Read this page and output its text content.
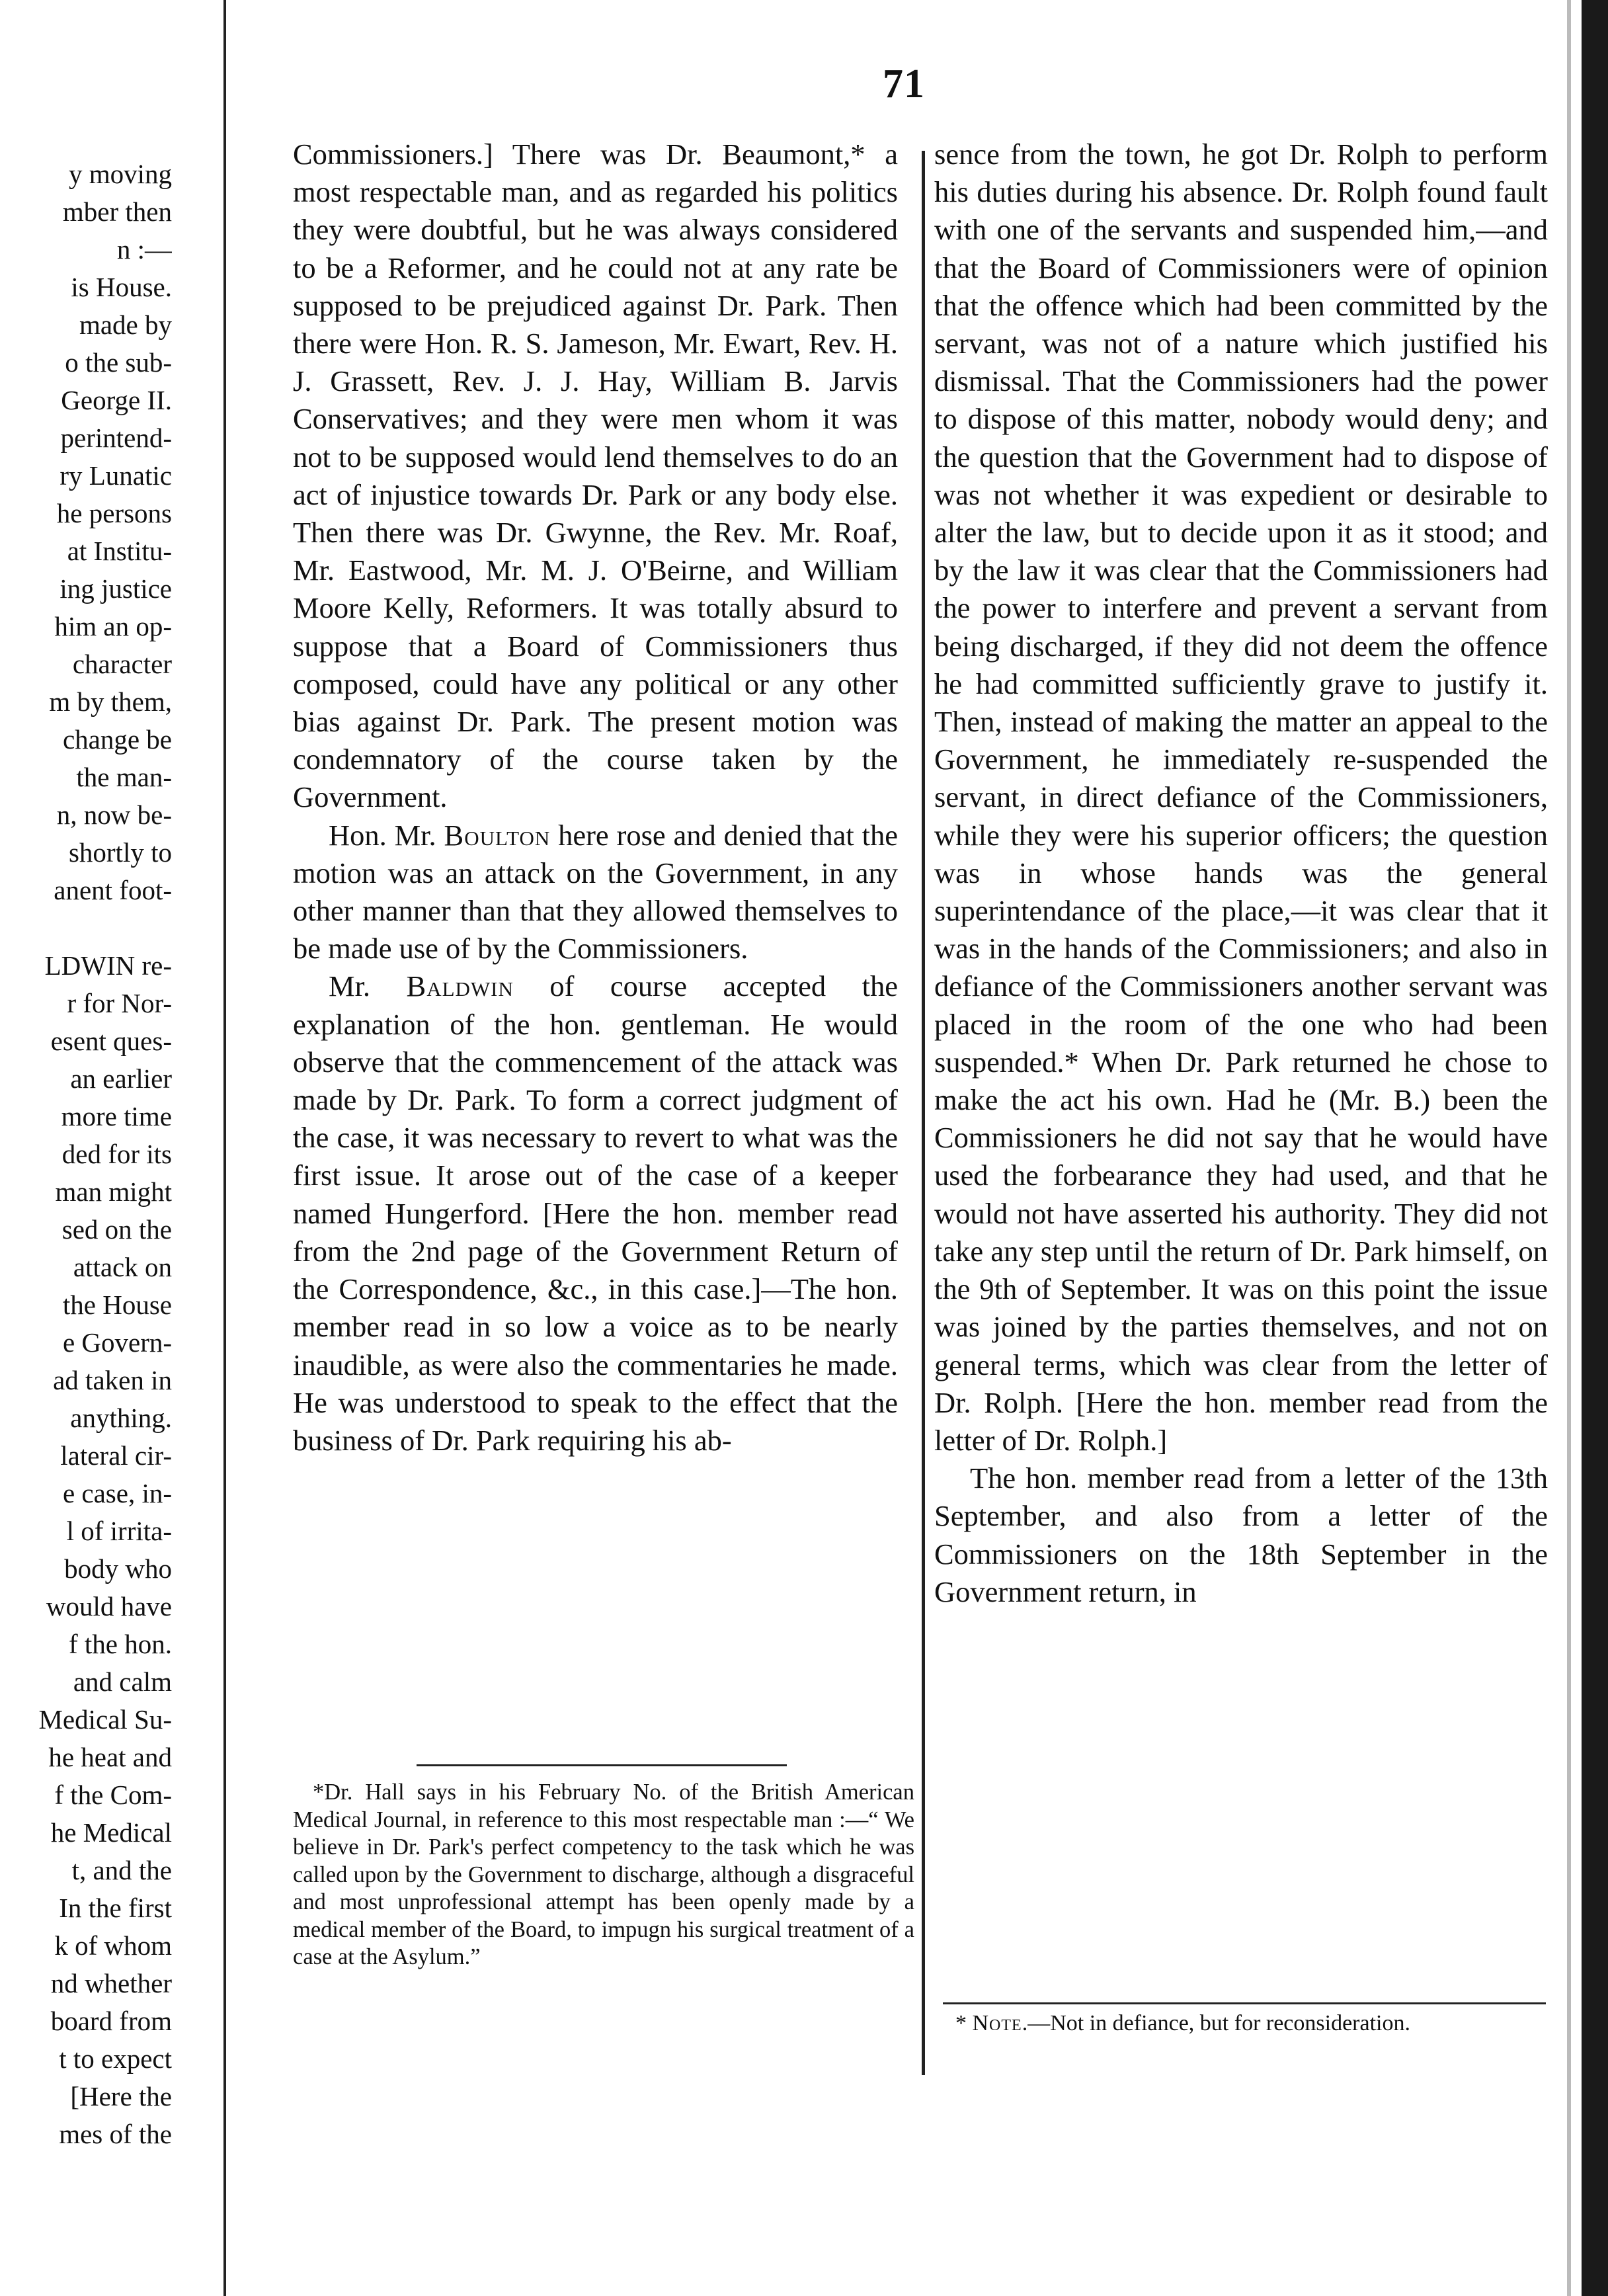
71
y moving
mber then
n :—
is House.
made by
o the sub-
George II.
perintend-
ry Lunatic
he persons
at Institu-
ing justice
him an op-
character
m by them,
change be
the man-
n, now be-
shortly to
anent foot-

LDWIN re-
r for Nor-
esent ques-
an earlier
more time
ded for its
man might
sed on the
attack on
the House
e Govern-
ad taken in
anything.
lateral cir-
e case, in-
l of irrita-
body who
would have
f the hon.
and calm
Medical Su-
he heat and
f the Com-
he Medical
t, and the
In the first
k of whom
nd whether
board from
t to expect
[Here the
mes of the

Commissioners.] There was Dr. Beaumont,* a most respectable man, and as regarded his politics they were doubtful, but he was always considered to be a Reformer, and he could not at any rate be supposed to be prejudiced against Dr. Park. Then there were Hon. R. S. Jameson, Mr. Ewart, Rev. H. J. Grassett, Rev. J. J. Hay, William B. Jarvis Conservatives; and they were men whom it was not to be supposed would lend themselves to do an act of injustice towards Dr. Park or any body else. Then there was Dr. Gwynne, the Rev. Mr. Roaf, Mr. Eastwood, Mr. M. J. O'Beirne, and William Moore Kelly, Reformers. It was totally absurd to suppose that a Board of Commissioners thus composed, could have any political or any other bias against Dr. Park. The present motion was condemnatory of the course taken by the Government.

Hon. Mr. Boulton here rose and denied that the motion was an attack on the Government, in any other manner than that they allowed themselves to be made use of by the Commissioners.

Mr. Baldwin of course accepted the explanation of the hon. gentleman. He would observe that the commencement of the attack was made by Dr. Park. To form a correct judgment of the case, it was necessary to revert to what was the first issue. It arose out of the case of a keeper named Hungerford. [Here the hon. member read from the 2nd page of the Government Return of the Correspondence, &c., in this case.]—The hon. member read in so low a voice as to be nearly inaudible, as were also the commentaries he made. He was understood to speak to the effect that the business of Dr. Park requiring his ab-

*Dr. Hall says in his February No. of the British American Medical Journal, in reference to this most respectable man :—“ We believe in Dr. Park's perfect competency to the task which he was called upon by the Government to discharge, although a disgraceful and most unprofessional attempt has been openly made by a medical member of the Board, to impugn his surgical treatment of a case at the Asylum.”

sence from the town, he got Dr. Rolph to perform his duties during his absence. Dr. Rolph found fault with one of the servants and suspended him,—and that the Board of Commissioners were of opinion that the offence which had been committed by the servant, was not of a nature which justified his dismissal. That the Commissioners had the power to dispose of this matter, nobody would deny; and the question that the Government had to dispose of was not whether it was expedient or desirable to alter the law, but to decide upon it as it stood; and by the law it was clear that the Commissioners had the power to interfere and prevent a servant from being discharged, if they did not deem the offence he had committed sufficiently grave to justify it. Then, instead of making the matter an appeal to the Government, he immediately re-suspended the servant, in direct defiance of the Commissioners, while they were his superior officers; the question was in whose hands was the general superintendance of the place,—it was clear that it was in the hands of the Commissioners; and also in defiance of the Commissioners another servant was placed in the room of the one who had been suspended.* When Dr. Park returned he chose to make the act his own. Had he (Mr. B.) been the Commissioners he did not say that he would have used the forbearance they had used, and that he would not have asserted his authority. They did not take any step until the return of Dr. Park himself, on the 9th of September. It was on this point the issue was joined by the parties themselves, and not on general terms, which was clear from the letter of Dr. Rolph. [Here the hon. member read from the letter of Dr. Rolph.]

The hon. member read from a letter of the 13th September, and also from a letter of the Commissioners on the 18th September in the Government return, in

* Note.—Not in defiance, but for reconsideration.
